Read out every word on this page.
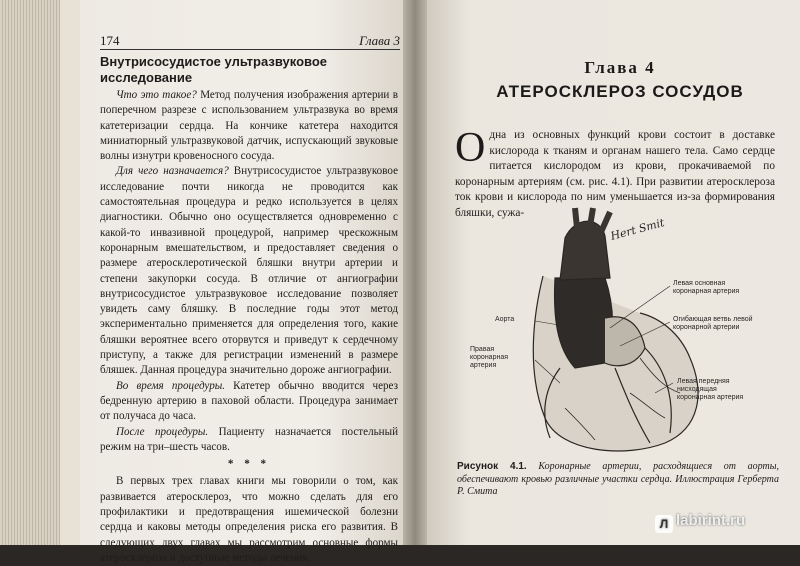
174	Глава 3

Внутрисосудистое ультразвуковое
исследование

Что это такое? Метод получения изображения артерии в поперечном разрезе с использованием ультразвука во время катетеризации сердца. На кончике катетера находится миниатюрный ультразвуковой датчик, испускающий звуковые волны изнутри кровеносного сосуда.

Для чего назначается? Внутрисосудистое ультразвуковое исследование почти никогда не проводится как самостоятельная процедура и редко используется в целях диагностики. Обычно оно осуществляется одновременно с какой-то инвазивной процедурой, например чрескожным коронарным вмешательством, и предоставляет сведения о размере атеросклеротической бляшки внутри артерии и степени закупорки сосуда. В отличие от ангиографии внутрисосудистое ультразвуковое исследование позволяет увидеть саму бляшку. В последние годы этот метод экспериментально применяется для определения того, какие бляшки вероятнее всего оторвутся и приведут к сердечному приступу, а также для регистрации изменений в размере бляшек. Данная процедура значительно дороже ангиографии.

Во время процедуры. Катетер обычно вводится через бедренную артерию в паховой области. Процедура занимает от получаса до часа.

После процедуры. Пациенту назначается постельный режим на три–шесть часов.

* * *

В первых трех главах книги мы говорили о том, как развивается атеросклероз, что можно сделать для его профилактики и предотвращения ишемической болезни сердца и каковы методы определения риска его развития. В следующих двух главах мы рассмотрим основные формы атеросклероза и доступные методы лечения.

Глава 4
АТЕРОСКЛЕРОЗ СОСУДОВ

Одна из основных функций крови состоит в доставке кислорода к тканям и органам нашего тела. Само сердце питается кислородом из крови, прокачиваемой по коронарным артериям (см. рис. 4.1). При развитии атеросклероза ток крови и кислорода по ним уменьшается из-за формирования бляшки, сужа-

Hert Smit
Аорта
Левая основная коронарная артерия
Огибающая ветвь левой коронарной артерии
Правая коронарная артерия
Левая передняя нисходящая коронарная артерия
Рисунок 4.1. Коронарные артерии, расходящиеся от аорты, обеспечивают кровью различные участки сердца. Иллюстрация Герберта Р. Смита
Л labirint.ru
